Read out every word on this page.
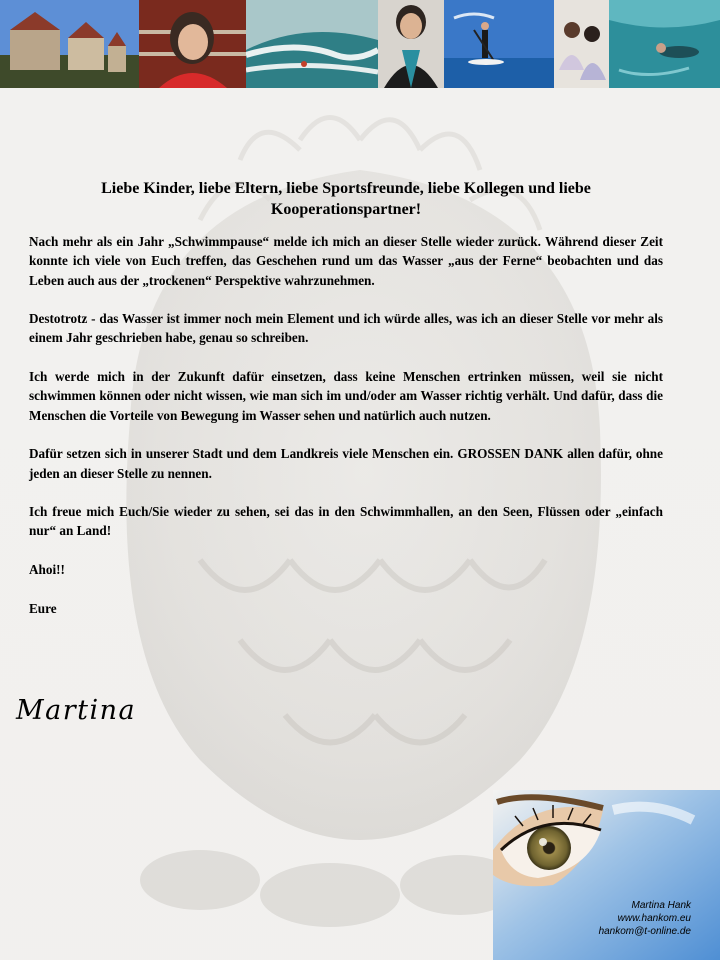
Liebe Kinder, liebe Eltern, liebe Sportsfreunde, liebe Kollegen und liebe Kooperationspartner!

Nach mehr als ein Jahr „Schwimmpause“ melde ich mich an dieser Stelle wieder zurück. Während dieser Zeit konnte ich viele von Euch treffen, das Geschehen rund um das Wasser „aus der Ferne“ beobachten und das Leben auch aus der „trockenen“ Perspektive wahrzunehmen.

Destotrotz - das Wasser ist immer noch mein Element und ich würde alles, was ich an dieser Stelle vor mehr als einem Jahr geschrieben habe, genau so schreiben.

Ich werde mich in der Zukunft dafür einsetzen, dass keine Menschen ertrinken müssen, weil sie nicht schwimmen können oder nicht wissen, wie man sich im und/oder am Wasser richtig verhält. Und dafür, dass die Menschen die Vorteile von Bewegung im Wasser sehen und natürlich auch nutzen.

Dafür setzen sich in unserer Stadt und dem Landkreis viele Menschen ein. GROSSEN DANK allen dafür, ohne jeden an dieser Stelle zu nennen.

Ich freue mich Euch/Sie wieder zu sehen, sei das in den Schwimmhallen, an den Seen, Flüssen oder „einfach nur“ an Land!

Ahoi!!

Eure

Martina
Martina Hank
www.hankom.eu
hankom@t-online.de
